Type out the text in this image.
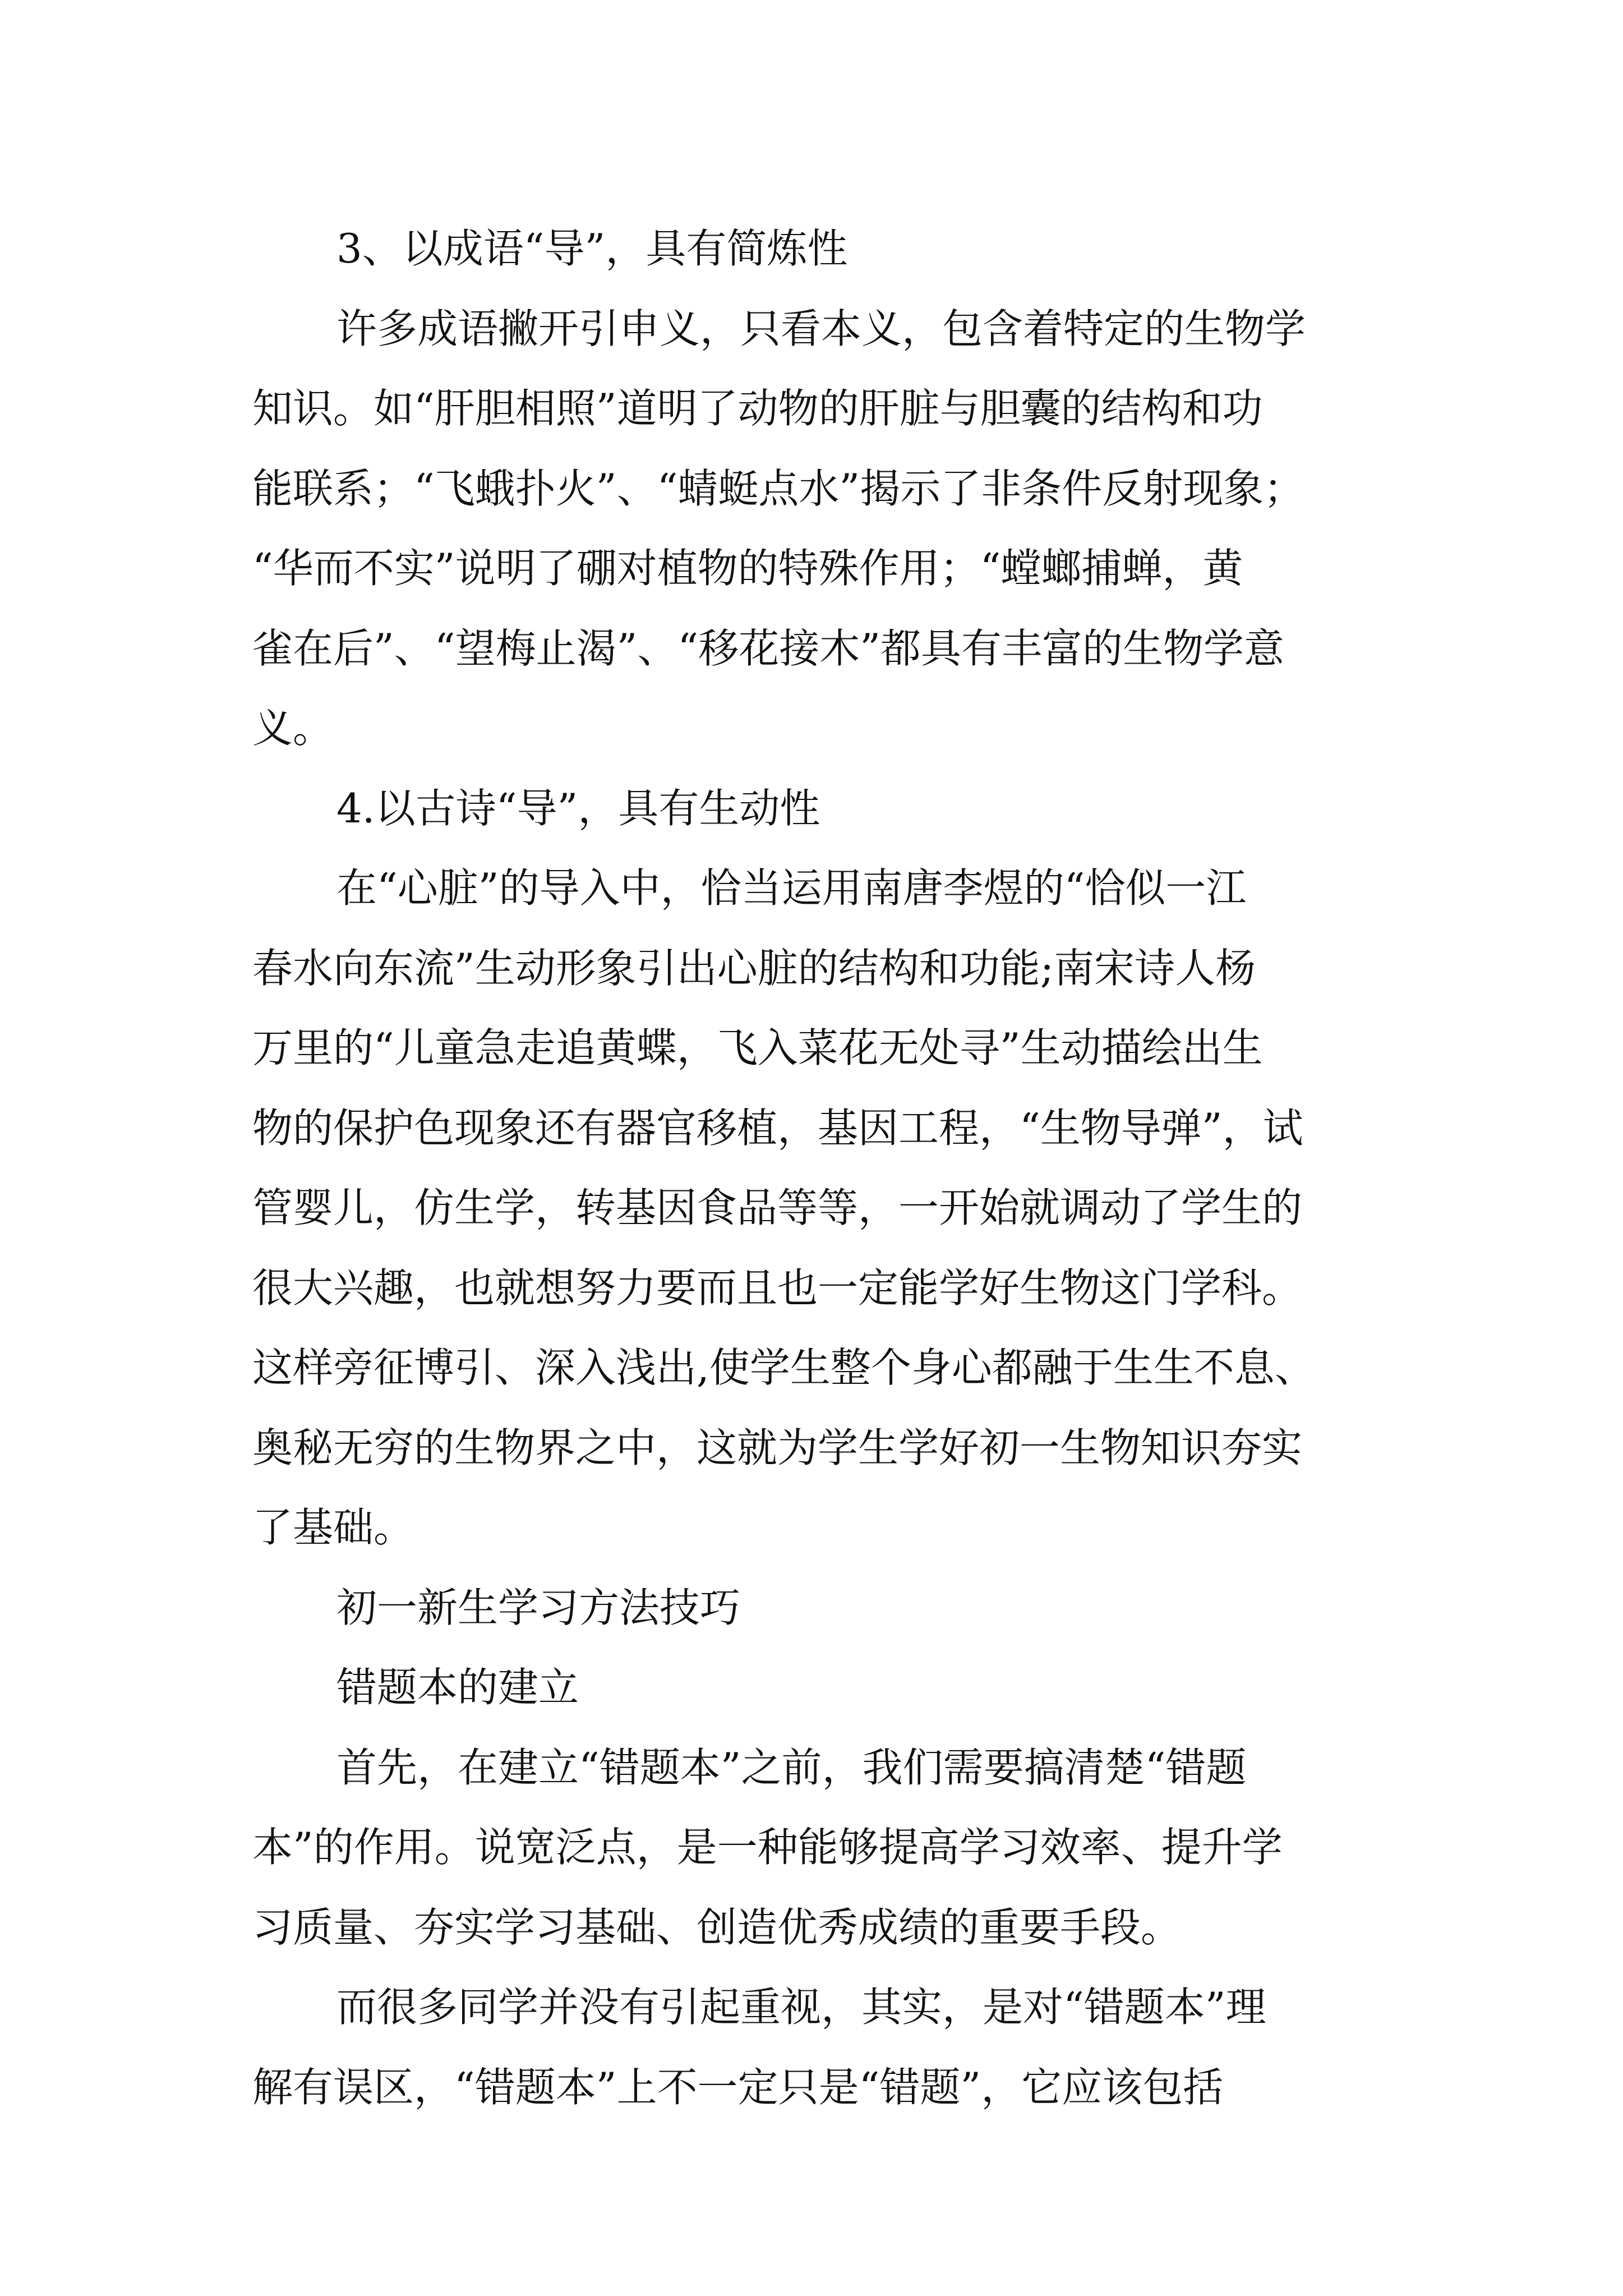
3、以成语“导”，具有简炼性
许多成语撇开引申义，只看本义，包含着特定的生物学
知识。如“肝胆相照”道明了动物的肝脏与胆囊的结构和功
能联系；“飞蛾扑火”、“蜻蜓点水”揭示了非条件反射现象；
“华而不实”说明了硼对植物的特殊作用；“螳螂捕蝉，黄
雀在后”、“望梅止渴”、“移花接木”都具有丰富的生物学意
义。
4.以古诗“导”，具有生动性
在“心脏”的导入中，恰当运用南唐李煜的“恰似一江
春水向东流”生动形象引出心脏的结构和功能;南宋诗人杨
万里的“儿童急走追黄蝶，飞入菜花无处寻”生动描绘出生
物的保护色现象还有器官移植，基因工程，“生物导弹”，试
管婴儿，仿生学，转基因食品等等，一开始就调动了学生的
很大兴趣，也就想努力要而且也一定能学好生物这门学科。
这样旁征博引、深入浅出,使学生整个身心都融于生生不息、
奥秘无穷的生物界之中，这就为学生学好初一生物知识夯实
了基础。
初一新生学习方法技巧
错题本的建立
首先，在建立“错题本”之前，我们需要搞清楚“错题
本”的作用。说宽泛点，是一种能够提高学习效率、提升学
习质量、夯实学习基础、创造优秀成绩的重要手段。
而很多同学并没有引起重视，其实，是对“错题本”理
解有误区，“错题本”上不一定只是“错题”，它应该包括
